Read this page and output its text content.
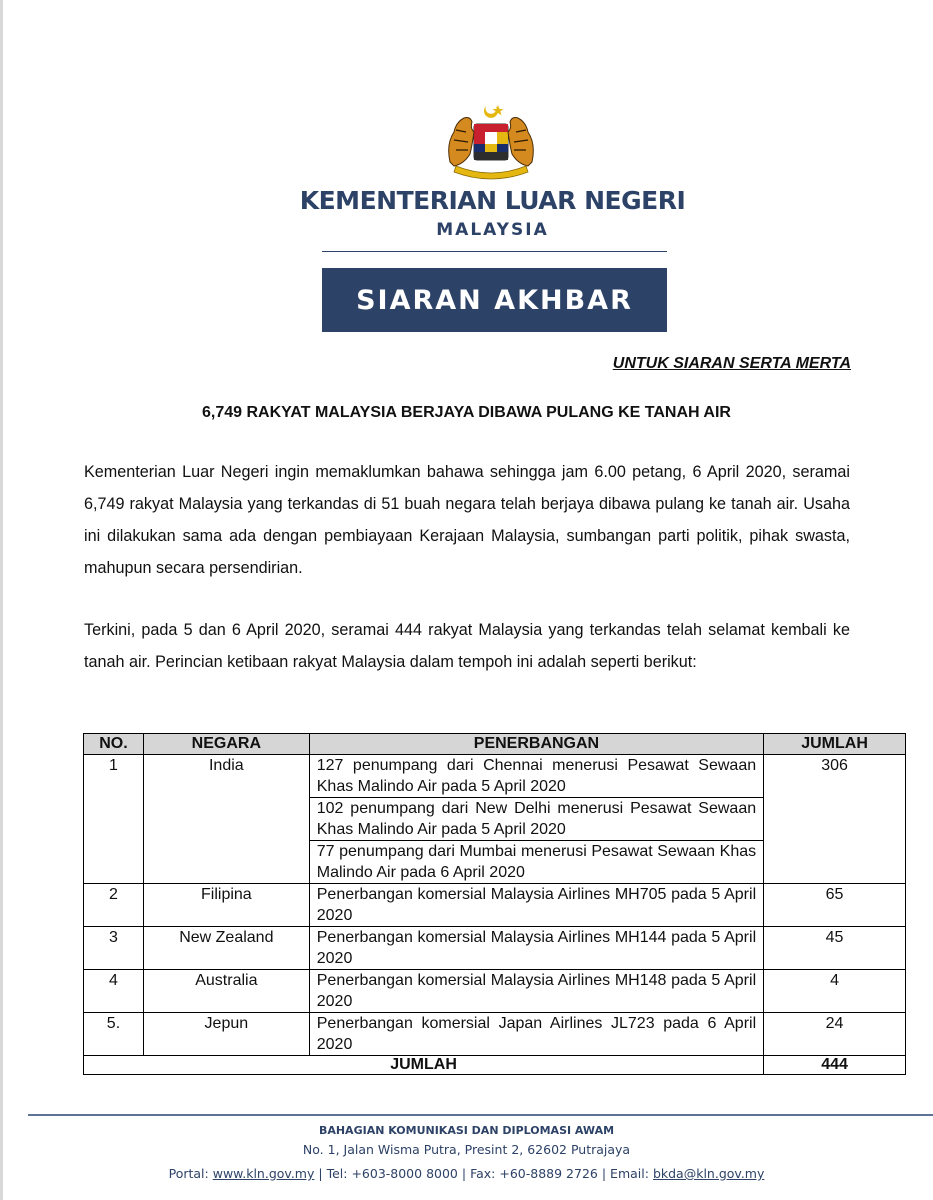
KEMENTERIAN LUAR NEGERI
MALAYSIA
SIARAN AKHBAR
UNTUK SIARAN SERTA MERTA
6,749 RAKYAT MALAYSIA BERJAYA DIBAWA PULANG KE TANAH AIR

Kementerian Luar Negeri ingin memaklumkan bahawa sehingga jam 6.00 petang, 6 April 2020, seramai 6,749 rakyat Malaysia yang terkandas di 51 buah negara telah berjaya dibawa pulang ke tanah air. Usaha ini dilakukan sama ada dengan pembiayaan Kerajaan Malaysia, sumbangan parti politik, pihak swasta, mahupun secara persendirian.

Terkini, pada 5 dan 6 April 2020, seramai 444 rakyat Malaysia yang terkandas telah selamat kembali ke tanah air. Perincian ketibaan rakyat Malaysia dalam tempoh ini adalah seperti berikut:

NO.	NEGARA	PENERBANGAN	JUMLAH
1	India	127 penumpang dari Chennai menerusi Pesawat Sewaan Khas Malindo Air pada 5 April 2020	306
		102 penumpang dari New Delhi menerusi Pesawat Sewaan Khas Malindo Air pada 5 April 2020	
		77 penumpang dari Mumbai menerusi Pesawat Sewaan Khas Malindo Air pada 6 April 2020	
2	Filipina	Penerbangan komersial Malaysia Airlines MH705 pada 5 April 2020	65
3	New Zealand	Penerbangan komersial Malaysia Airlines MH144 pada 5 April 2020	45
4	Australia	Penerbangan komersial Malaysia Airlines MH148 pada 5 April 2020	4
5.	Jepun	Penerbangan komersial Japan Airlines JL723 pada 6 April 2020	24
JUMLAH			444
BAHAGIAN KOMUNIKASI DAN DIPLOMASI AWAM
No. 1, Jalan Wisma Putra, Presint 2, 62602 Putrajaya
Portal: www.kln.gov.my | Tel: +603-8000 8000 | Fax: +60-8889 2726 | Email: bkda@kln.gov.my
